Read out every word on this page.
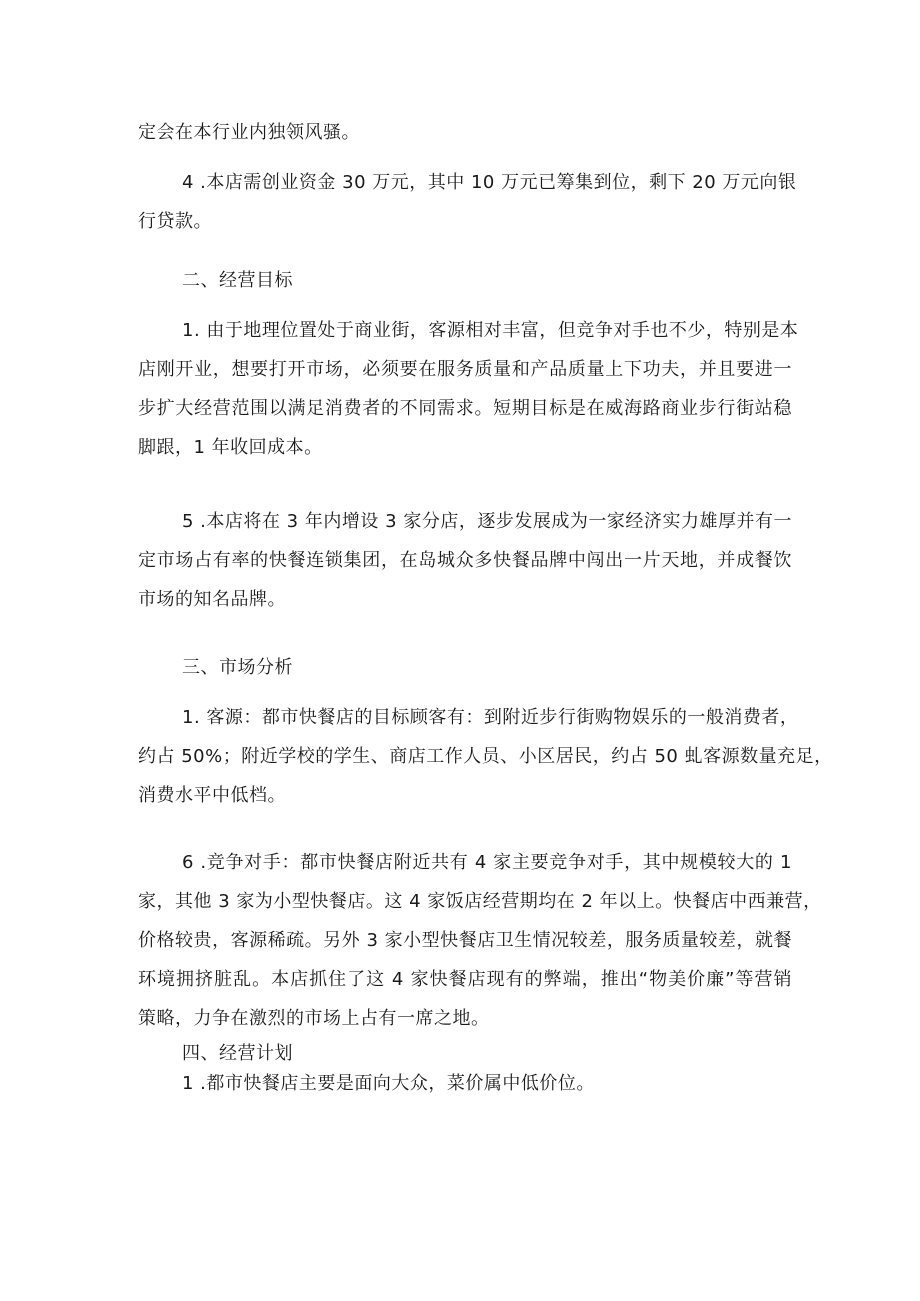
定会在本行业内独领风骚。

4 .本店需创业资金 30 万元，其中 10 万元已筹集到位，剩下 20 万元向银
行贷款。

二、经营目标

1. 由于地理位置处于商业街，客源相对丰富，但竞争对手也不少，特别是本
店刚开业，想要打开市场，必须要在服务质量和产品质量上下功夫，并且要进一
步扩大经营范围以满足消费者的不同需求。短期目标是在威海路商业步行街站稳
脚跟，1 年收回成本。

5 .本店将在 3 年内增设 3 家分店，逐步发展成为一家经济实力雄厚并有一
定市场占有率的快餐连锁集团，在岛城众多快餐品牌中闯出一片天地，并成餐饮
市场的知名品牌。

三、市场分析

1. 客源：都市快餐店的目标顾客有：到附近步行街购物娱乐的一般消费者，
约占 50%；附近学校的学生、商店工作人员、小区居民，约占 50 虬客源数量充足，
消费水平中低档。

6 .竞争对手：都市快餐店附近共有 4 家主要竞争对手，其中规模较大的 1
家，其他 3 家为小型快餐店。这 4 家饭店经营期均在 2 年以上。快餐店中西兼营，
价格较贵，客源稀疏。另外 3 家小型快餐店卫生情况较差，服务质量较差，就餐
环境拥挤脏乱。本店抓住了这 4 家快餐店现有的弊端，推出“物美价廉”等营销
策略，力争在激烈的市场上占有一席之地。

四、经营计划

1 .都市快餐店主要是面向大众，菜价属中低价位。
